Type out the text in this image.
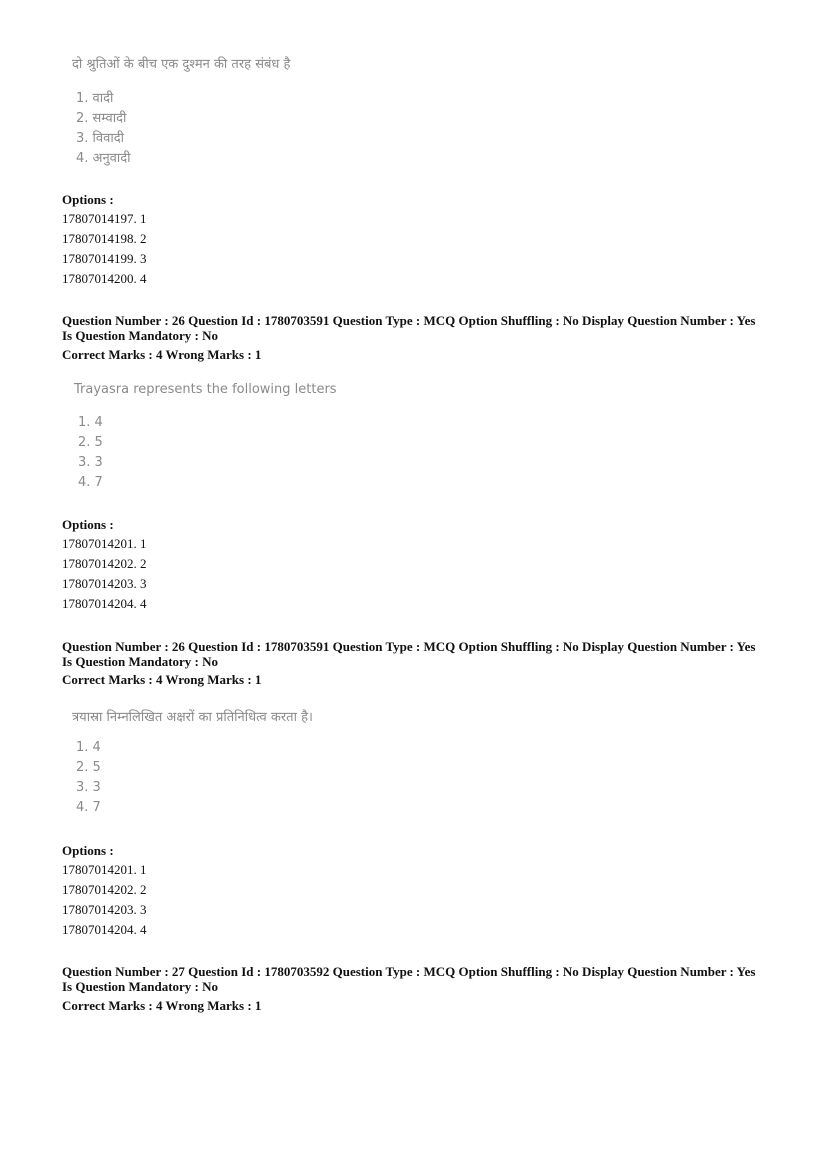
दो श्रुतिओं के बीच एक दुश्मन की तरह संबंध है
1. वादी
2. सम्वादी
3. विवादी
4. अनुवादी
Options :
17807014197. 1
17807014198. 2
17807014199. 3
17807014200. 4
Question Number : 26 Question Id : 1780703591 Question Type : MCQ Option Shuffling : No Display Question Number : Yes
Is Question Mandatory : No
Correct Marks : 4 Wrong Marks : 1
Trayasra represents the following letters
1. 4
2. 5
3. 3
4. 7
Options :
17807014201. 1
17807014202. 2
17807014203. 3
17807014204. 4
Question Number : 26 Question Id : 1780703591 Question Type : MCQ Option Shuffling : No Display Question Number : Yes
Is Question Mandatory : No
Correct Marks : 4 Wrong Marks : 1
त्रयास्रा निम्नलिखित अक्षरों का प्रतिनिधित्व करता है।
1. 4
2. 5
3. 3
4. 7
Options :
17807014201. 1
17807014202. 2
17807014203. 3
17807014204. 4
Question Number : 27 Question Id : 1780703592 Question Type : MCQ Option Shuffling : No Display Question Number : Yes
Is Question Mandatory : No
Correct Marks : 4 Wrong Marks : 1
